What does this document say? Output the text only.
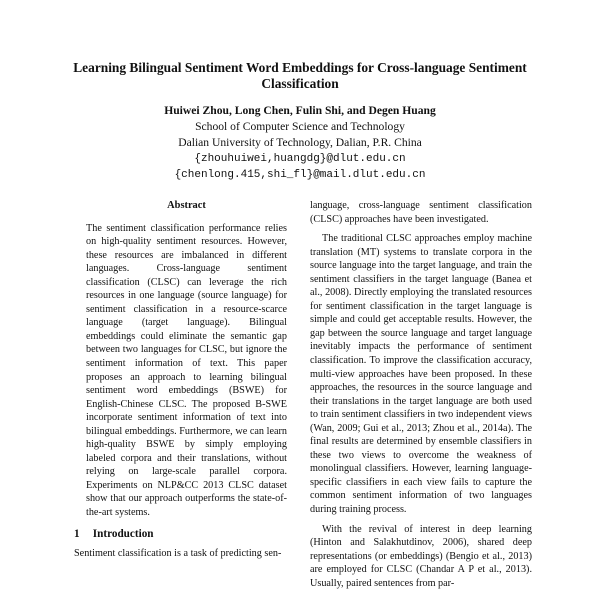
Learning Bilingual Sentiment Word Embeddings for Cross-language Sentiment Classification
Huiwei Zhou, Long Chen, Fulin Shi, and Degen Huang
School of Computer Science and Technology
Dalian University of Technology, Dalian, P.R. China
{zhouhuiwei,huangdg}@dlut.edu.cn
{chenlong.415,shi_fl}@mail.dlut.edu.cn
Abstract

The sentiment classification performance relies on high-quality sentiment resources. However, these resources are imbalanced in different languages. Cross-language sentiment classification (CLSC) can leverage the rich resources in one language (source language) for sentiment classification in a resource-scarce language (target language). Bilingual embeddings could eliminate the semantic gap between two languages for CLSC, but ignore the sentiment information of text. This paper proposes an approach to learning bilingual sentiment word embeddings (BSWE) for English-Chinese CLSC. The proposed B-SWE incorporate sentiment information of text into bilingual embeddings. Furthermore, we can learn high-quality BSWE by simply employing labeled corpora and their translations, without relying on large-scale parallel corpora. Experiments on NLP&CC 2013 CLSC dataset show that our approach outperforms the state-of-the-art systems.

1 Introduction

Sentiment classification is a task of predicting sen-

language, cross-language sentiment classification (CLSC) approaches have been investigated.

The traditional CLSC approaches employ machine translation (MT) systems to translate corpora in the source language into the target language, and train the sentiment classifiers in the target language (Banea et al., 2008). Directly employing the translated resources for sentiment classification in the target language is simple and could get acceptable results. However, the gap between the source language and target language inevitably impacts the performance of sentiment classification. To improve the classification accuracy, multi-view approaches have been proposed. In these approaches, the resources in the source language and their translations in the target language are both used to train sentiment classifiers in two independent views (Wan, 2009; Gui et al., 2013; Zhou et al., 2014a). The final results are determined by ensemble classifiers in these two views to overcome the weakness of monolingual classifiers. However, learning language-specific classifiers in each view fails to capture the common sentiment information of two languages during training process.

With the revival of interest in deep learning (Hinton and Salakhutdinov, 2006), shared deep representations (or embeddings) (Bengio et al., 2013) are employed for CLSC (Chandar A P et al., 2013). Usually, paired sentences from par-
